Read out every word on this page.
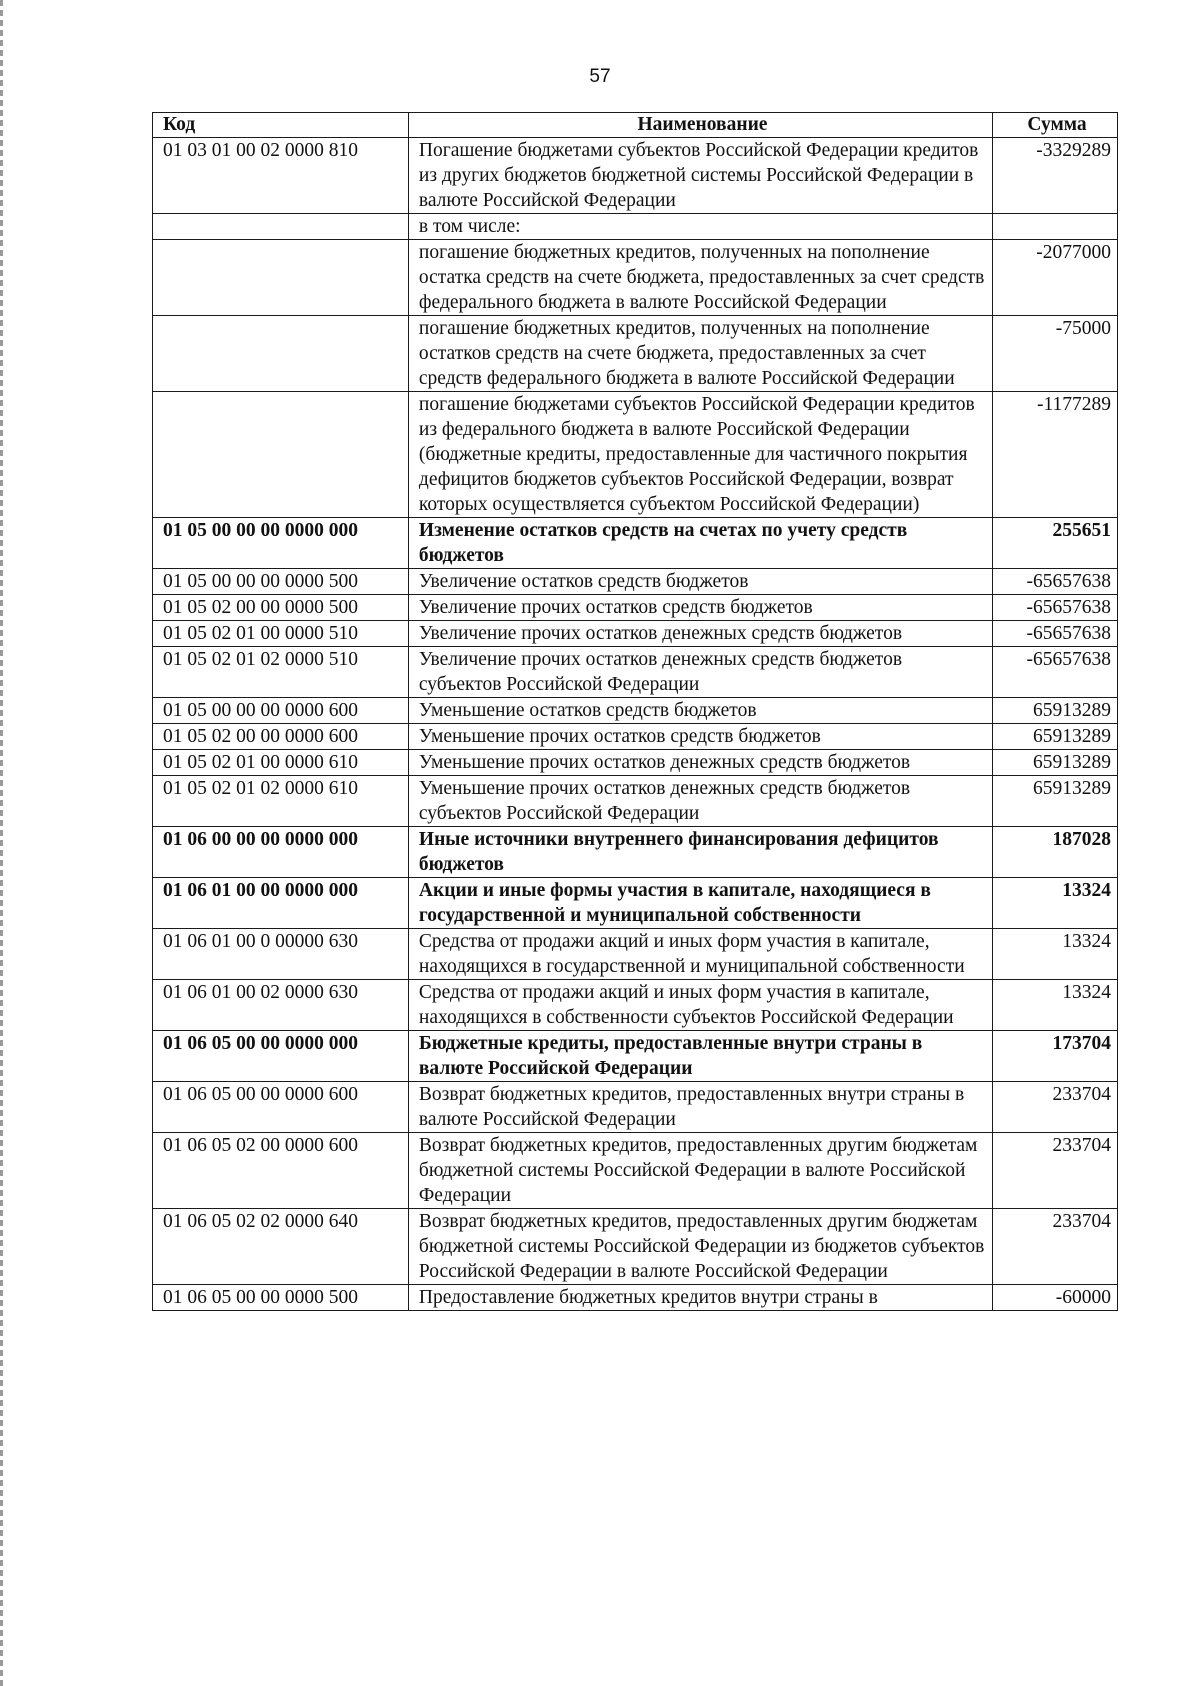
57
Код	Наименование	Сумма
01 03 01 00 02 0000 810	Погашение бюджетами субъектов Российской Федерации кредитов из других бюджетов бюджетной системы Российской Федерации в валюте Российской Федерации	-3329289
	в том числе:	
	погашение бюджетных кредитов, полученных на пополнение остатка средств на счете бюджета, предоставленных за счет средств федерального бюджета в валюте Российской Федерации	-2077000
	погашение бюджетных кредитов, полученных на пополнение остатков средств на счете бюджета, предоставленных за счет средств федерального бюджета в валюте Российской Федерации	-75000
	погашение бюджетами субъектов Российской Федерации кредитов из федерального бюджета в валюте Российской Федерации (бюджетные кредиты, предоставленные для частичного покрытия дефицитов бюджетов субъектов Российской Федерации, возврат которых осуществляется субъектом Российской Федерации)	-1177289
01 05 00 00 00 0000 000	Изменение остатков средств на счетах по учету средств бюджетов	255651
01 05 00 00 00 0000 500	Увеличение остатков средств бюджетов	-65657638
01 05 02 00 00 0000 500	Увеличение прочих остатков средств бюджетов	-65657638
01 05 02 01 00 0000 510	Увеличение прочих остатков денежных средств бюджетов	-65657638
01 05 02 01 02 0000 510	Увеличение прочих остатков денежных средств бюджетов субъектов Российской Федерации	-65657638
01 05 00 00 00 0000 600	Уменьшение остатков средств бюджетов	65913289
01 05 02 00 00 0000 600	Уменьшение прочих остатков средств бюджетов	65913289
01 05 02 01 00 0000 610	Уменьшение прочих остатков денежных средств бюджетов	65913289
01 05 02 01 02 0000 610	Уменьшение прочих остатков денежных средств бюджетов субъектов Российской Федерации	65913289
01 06 00 00 00 0000 000	Иные источники внутреннего финансирования дефицитов бюджетов	187028
01 06 01 00 00 0000 000	Акции и иные формы участия в капитале, находящиеся в государственной и муниципальной собственности	13324
01 06 01 00 0 00000 630	Средства от продажи акций и иных форм участия в капитале, находящихся в государственной и муниципальной собственности	13324
01 06 01 00 02 0000 630	Средства от продажи акций и иных форм участия в капитале, находящихся в собственности субъектов Российской Федерации	13324
01 06 05 00 00 0000 000	Бюджетные кредиты, предоставленные внутри страны в валюте Российской Федерации	173704
01 06 05 00 00 0000 600	Возврат бюджетных кредитов, предоставленных внутри страны в валюте Российской Федерации	233704
01 06 05 02 00 0000 600	Возврат бюджетных кредитов, предоставленных другим бюджетам бюджетной системы Российской Федерации в валюте Российской Федерации	233704
01 06 05 02 02 0000 640	Возврат бюджетных кредитов, предоставленных другим бюджетам бюджетной системы Российской Федерации из бюджетов субъектов Российской Федерации в валюте Российской Федерации	233704
01 06 05 00 00 0000 500	Предоставление бюджетных кредитов внутри страны в	-60000
